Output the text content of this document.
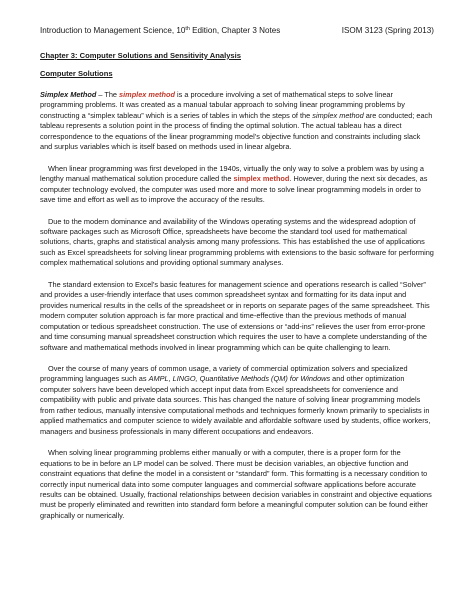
Introduction to Management Science, 10th Edition, Chapter 3 Notes	ISOM 3123 (Spring 2013)
Chapter 3: Computer Solutions and Sensitivity Analysis
Computer Solutions

Simplex Method – The simplex method is a procedure involving a set of mathematical steps to solve linear programming problems. It was created as a manual tabular approach to solving linear programming problems by constructing a “simplex tableau” which is a series of tables in which the steps of the simplex method are conducted; each tableau represents a solution point in the process of finding the optimal solution. The actual tableau has a direct correspondence to the equations of the linear programming model’s objective function and constraints including slack and surplus variables which is itself based on methods used in linear algebra.

When linear programming was first developed in the 1940s, virtually the only way to solve a problem was by using a lengthy manual mathematical solution procedure called the simplex method. However, during the next six decades, as computer technology evolved, the computer was used more and more to solve linear programming models in order to save time and effort as well as to improve the accuracy of the results.

Due to the modern dominance and availability of the Windows operating systems and the widespread adoption of software packages such as Microsoft Office, spreadsheets have become the standard tool used for mathematical solutions, charts, graphs and statistical analysis among many professions. This has established the use of applications such as Excel spreadsheets for solving linear programming problems with extensions to the basic software for performing complex mathematical solutions and providing optional summary analyses.

The standard extension to Excel’s basic features for management science and operations research is called “Solver” and provides a user-friendly interface that uses common spreadsheet syntax and formatting for its data input and provides numerical results in the cells of the spreadsheet or in reports on separate pages of the same spreadsheet. This modern computer solution approach is far more practical and time-effective than the previous methods of manual computation or tedious spreadsheet construction. The use of extensions or “add-ins” relieves the user from error-prone and time consuming manual spreadsheet construction which requires the user to have a complete understanding of the software and mathematical methods involved in linear programming which can be quite challenging to learn.

Over the course of many years of common usage, a variety of commercial optimization solvers and specialized programming languages such as AMPL, LINGO, Quantitative Methods (QM) for Windows and other optimization computer solvers have been developed which accept input data from Excel spreadsheets for convenience and compatibility with public and private data sources. This has changed the nature of solving linear programming models from rather tedious, manually intensive computational methods and techniques formerly known primarily to specialists in applied mathematics and computer science to widely available and affordable software used by students, office workers, managers and business professionals in many different occupations and endeavors.

When solving linear programming problems either manually or with a computer, there is a proper form for the equations to be in before an LP model can be solved. There must be decision variables, an objective function and constraint equations that define the model in a consistent or “standard” form. This formatting is a necessary condition to correctly input numerical data into some computer languages and commercial software applications before accurate results can be obtained. Usually, fractional relationships between decision variables in constraint and objective equations must be properly eliminated and rewritten into standard form before a meaningful computer solution can be found either graphically or numerically.
